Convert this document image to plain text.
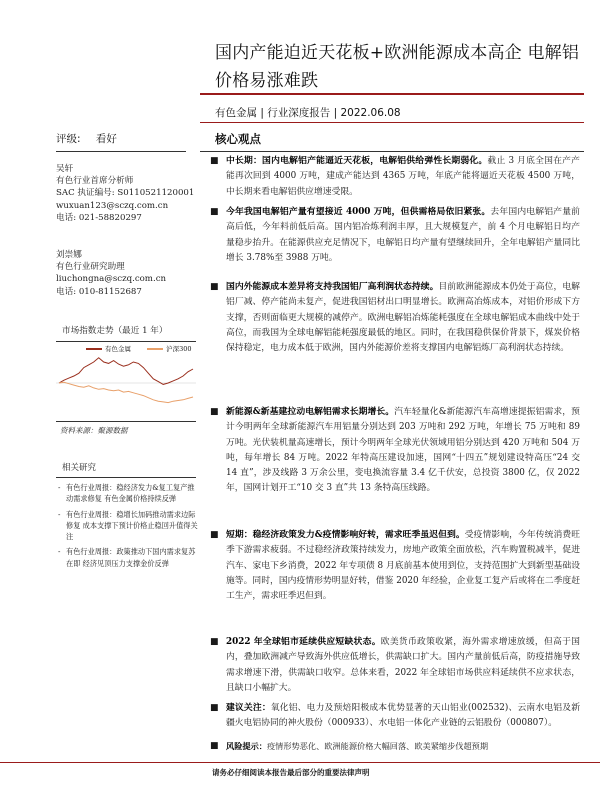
国内产能迫近天花板+欧洲能源成本高企 电解铝
价格易涨难跌
有色金属 | 行业深度报告 | 2022.06.08
评级: 看好
吴轩
有色行业首席分析师
SAC 执证编号: S0110521120001
wuxuan123@sczq.com.cn
电话: 021-58820297
刘崇娜
有色行业研究助理
liuchongna@sczq.com.cn
电话: 010-81152687
市场指数走势（最近 1 年）
有色金属	沪深300
资料来源：聚源数据
相关研究
- 有色行业周报：稳经济发力&复工复产推动需求修复 有色金属价格持续反弹
- 有色行业周报：稳增长加码推动需求边际修复 成本支撑下预计价格止稳回升值得关注
- 有色行业周报：政策推动下国内需求复苏在即 经济见顶压力支撑金价反弹
核心观点
■ 中长期：国内电解铝产能逼近天花板，电解铝供给弹性长期弱化。截止 3 月底全国在产产能再次回到 4000 万吨，建成产能达到 4365 万吨，年底产能将逼近天花板 4500 万吨，中长期来看电解铝供应增速受限。
■ 今年我国电解铝产量有望接近 4000 万吨，但供需格局依旧紧张。去年国内电解铝产量前高后低，今年料前低后高。国内铝冶炼利润丰厚，且大规模复产，前 4 个月电解铝日均产量稳步抬升。在能源供应充足情况下，电解铝日均产量有望继续回升，全年电解铝产量同比增长 3.78%至 3988 万吨。
■ 国内外能源成本差异将支持我国铝厂高利润状态持续。目前欧洲能源成本仍处于高位，电解铝厂减、停产能尚未复产，促进我国铝材出口明显增长。欧洲高冶炼成本，对铝价形成下方支撑，否则面临更大规模的减停产。欧洲电解铝冶炼能耗强度在全球电解铝成本曲线中处于高位，而我国为全球电解铝能耗强度最低的地区。同时，在我国稳供保价背景下，煤炭价格保持稳定，电力成本低于欧洲，国内外能源价差将支撑国内电解铝炼厂高利润状态持续。
■ 新能源&新基建拉动电解铝需求长期增长。汽车轻量化&新能源汽车高增速提振铝需求，预计今明两年全球新能源汽车用铝量分别达到 203 万吨和 292 万吨，年增长 75 万吨和 89 万吨。光伏装机量高速增长，预计今明两年全球光伏领域用铝分别达到 420 万吨和 504 万吨，每年增长 84 万吨。2022 年特高压建设加速，国网“十四五”规划建设特高压“24 交 14 直”，涉及线路 3 万余公里，变电换流容量 3.4 亿千伏安，总投资 3800 亿，仅 2022 年，国网计划开工“10 交 3 直”共 13 条特高压线路。
■ 短期：稳经济政策发力&疫情影响好转，需求旺季虽迟但到。受疫情影响，今年传统消费旺季下游需求疲弱。不过稳经济政策持续发力，房地产政策全面放松，汽车购置税减半，促进汽车、家电下乡消费，2022 年专项债 8 月底前基本使用到位，支持范围扩大到新型基础设施等。同时，国内疫情形势明显好转，借鉴 2020 年经验，企业复工复产后或将在二季度赶工生产，需求旺季迟但到。
■ 2022 年全球铝市延续供应短缺状态。欧美货币政策收紧，海外需求增速放缓，但高于国内，叠加欧洲减产导致海外供应低增长，供需缺口扩大。国内产量前低后高，防疫措施导致需求增速下滑，供需缺口收窄。总体来看，2022 年全球铝市场供应料延续供不应求状态，且缺口小幅扩大。
■ 建议关注：氧化铝、电力及预焙阳极成本优势显著的天山铝业(002532)、云南水电铝及新疆火电铝协同的神火股份（000933）、水电铝一体化产业链的云铝股份（000807）。
■ 风险提示：疫情形势恶化、欧洲能源价格大幅回落、欧美紧缩步伐超预期
请务必仔细阅读本报告最后部分的重要法律声明
